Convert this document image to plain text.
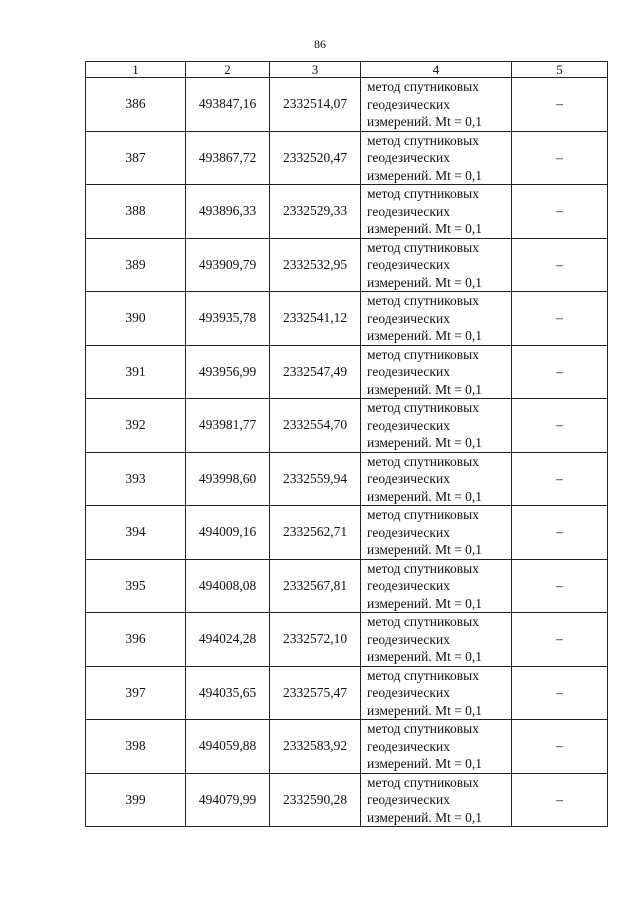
86
1	2	3	4	5
386	493847,16	2332514,07	метод спутниковых
геодезических
измерений. Mt = 0,1	–
387	493867,72	2332520,47	метод спутниковых
геодезических
измерений. Mt = 0,1	–
388	493896,33	2332529,33	метод спутниковых
геодезических
измерений. Mt = 0,1	–
389	493909,79	2332532,95	метод спутниковых
геодезических
измерений. Mt = 0,1	–
390	493935,78	2332541,12	метод спутниковых
геодезических
измерений. Mt = 0,1	–
391	493956,99	2332547,49	метод спутниковых
геодезических
измерений. Mt = 0,1	–
392	493981,77	2332554,70	метод спутниковых
геодезических
измерений. Mt = 0,1	–
393	493998,60	2332559,94	метод спутниковых
геодезических
измерений. Mt = 0,1	–
394	494009,16	2332562,71	метод спутниковых
геодезических
измерений. Mt = 0,1	–
395	494008,08	2332567,81	метод спутниковых
геодезических
измерений. Mt = 0,1	–
396	494024,28	2332572,10	метод спутниковых
геодезических
измерений. Mt = 0,1	–
397	494035,65	2332575,47	метод спутниковых
геодезических
измерений. Mt = 0,1	–
398	494059,88	2332583,92	метод спутниковых
геодезических
измерений. Mt = 0,1	–
399	494079,99	2332590,28	метод спутниковых
геодезических
измерений. Mt = 0,1	–
